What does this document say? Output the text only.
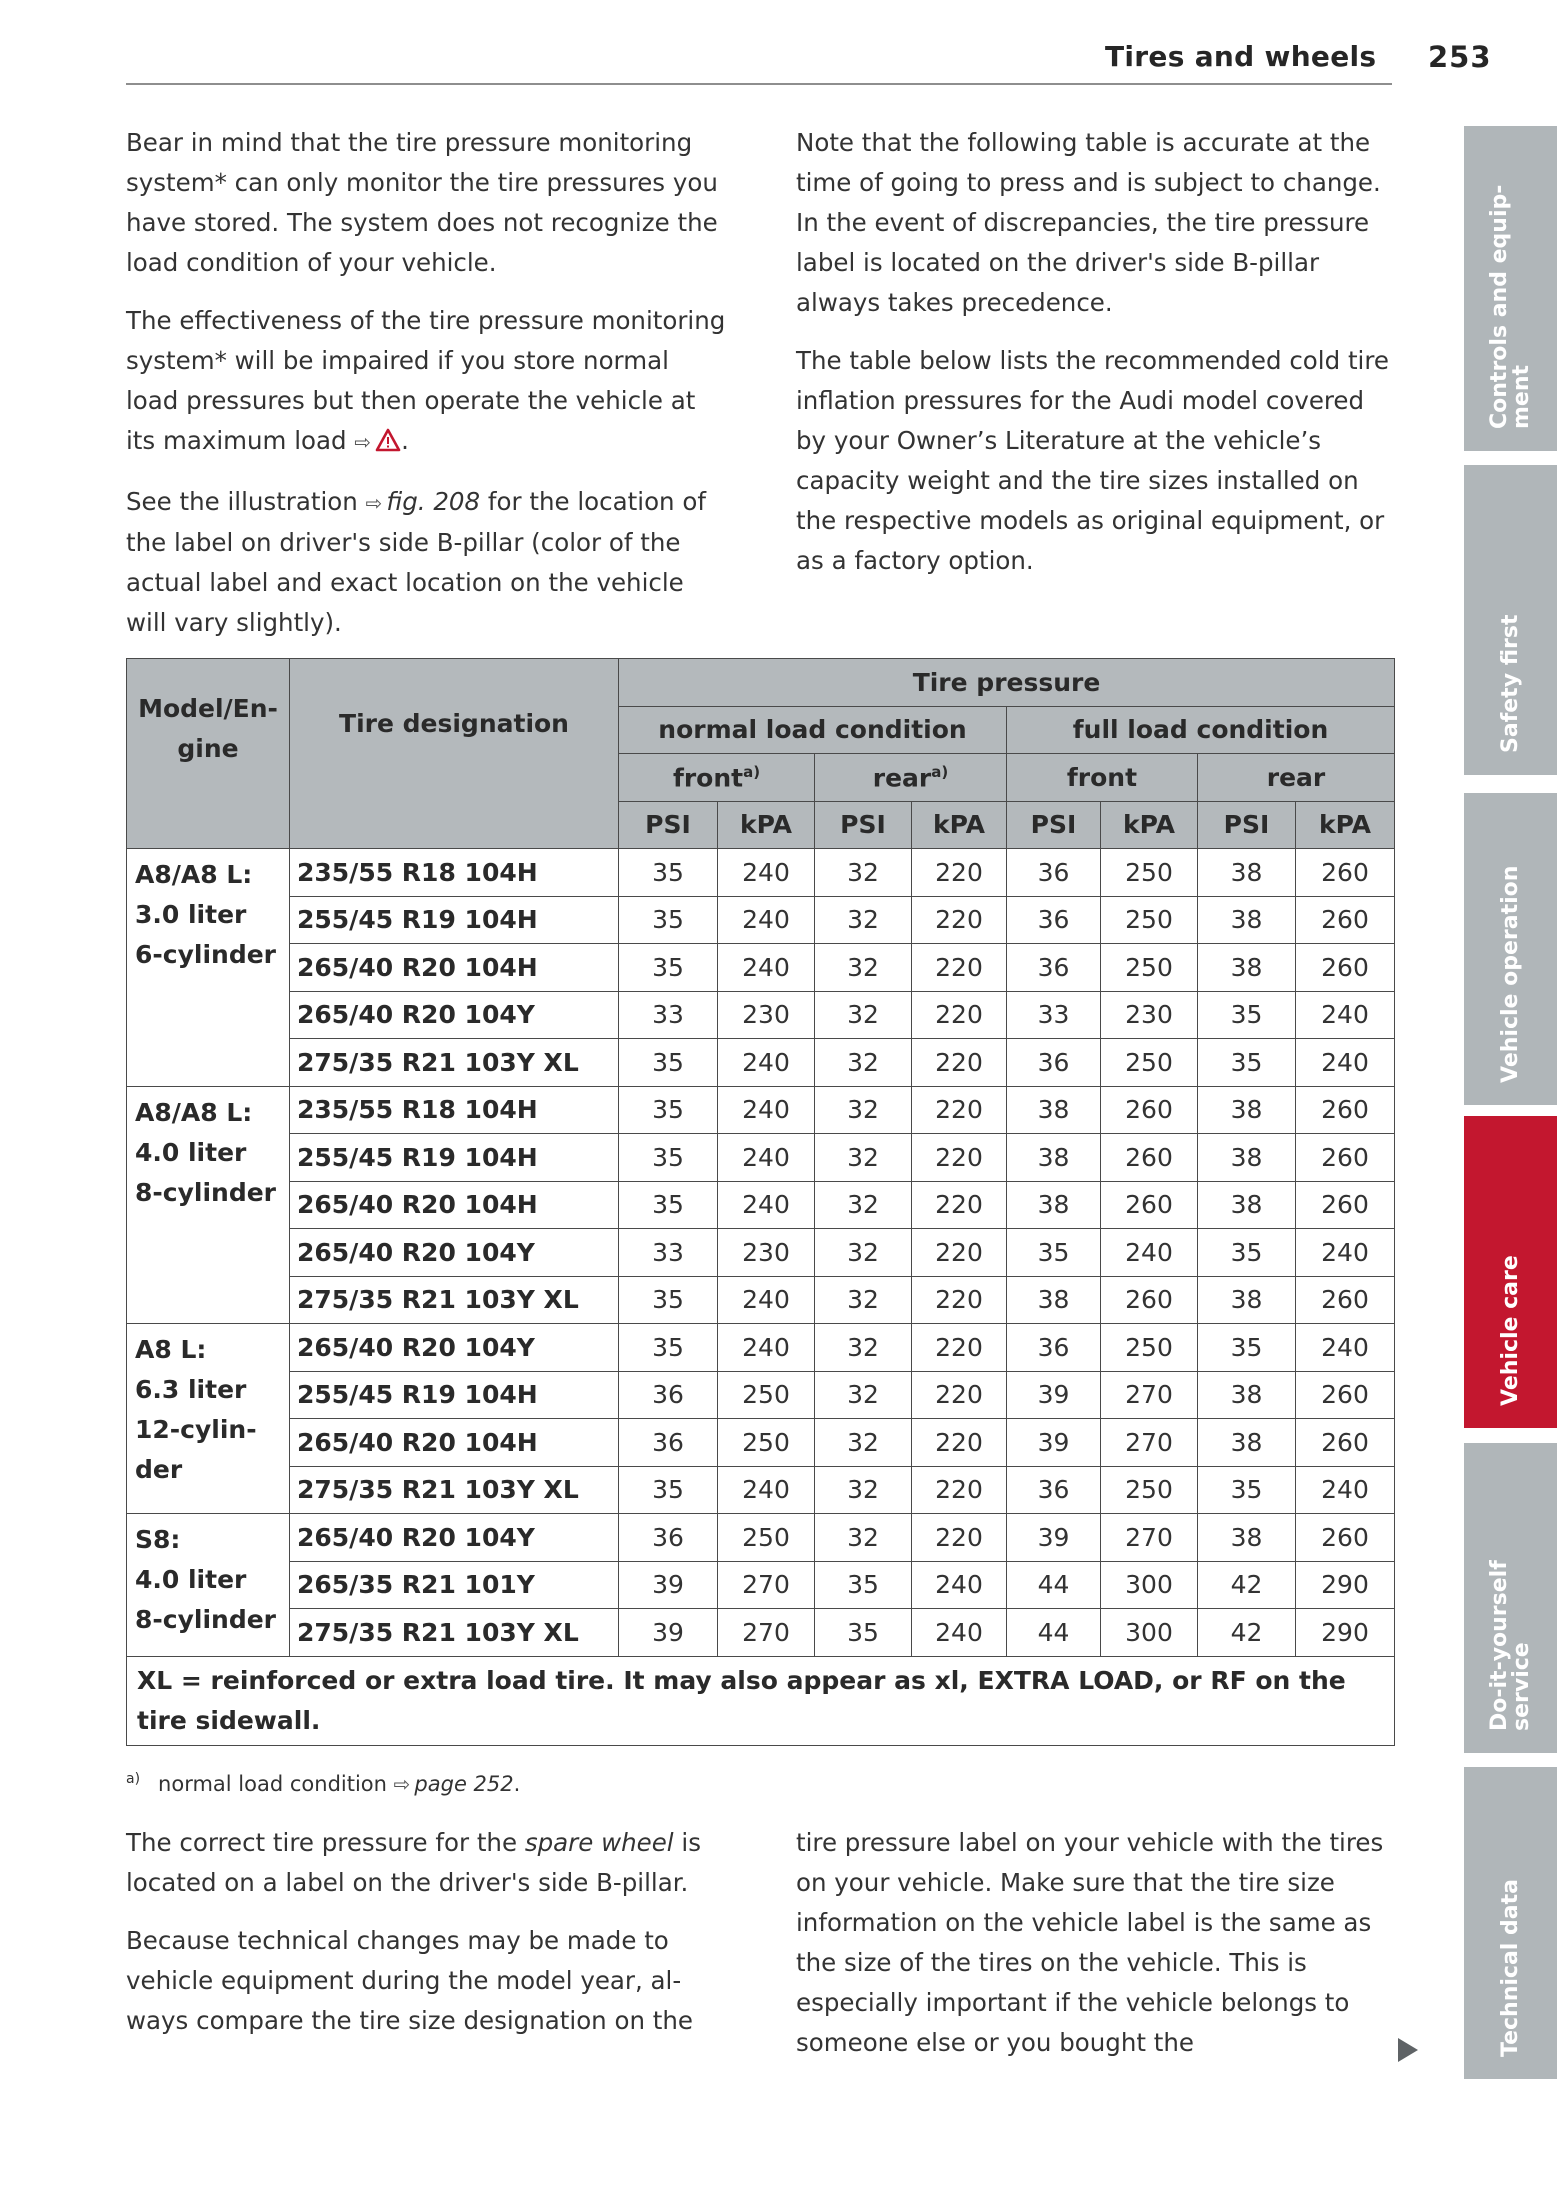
Tires and wheels 253

Bear in mind that the tire pressure monitoring system* can only monitor the tire pressures you have stored. The system does not recognize the load condition of your vehicle.

The effectiveness of the tire pressure monitoring system* will be impaired if you store normal load pressures but then operate the vehicle at its maximum load ⇨ .

See the illustration ⇨ fig. 208 for the location of the label on driver's side B-pillar (color of the actual label and exact location on the vehicle will vary slightly).

Note that the following table is accurate at the time of going to press and is subject to change. In the event of discrepancies, the tire pressure label is located on the driver's side B-pillar always takes precedence.

The table below lists the recommended cold tire inflation pressures for the Audi model covered by your Owner’s Literature at the vehicle’s capacity weight and the tire sizes installed on the respective models as original equipment, or as a factory option.

Model/En-gine	Tire designation	Tire pressure							
		normal load condition				full load condition			
		front$^{a)}$		rear$^{a)}$		front		rear	
		PSI	kPA	PSI	kPA	PSI	kPA	PSI	kPA

A8/A8 L:
3.0 liter
6-cylinder	235/55 R18 104H	35	240	32	220	36	250	38	260
	255/45 R19 104H	35	240	32	220	36	250	38	260
	265/40 R20 104H	35	240	32	220	36	250	38	260
	265/40 R20 104Y	33	230	32	220	33	230	35	240
	275/35 R21 103Y XL	35	240	32	220	36	250	35	240

A8/A8 L:
4.0 liter
8-cylinder	235/55 R18 104H	35	240	32	220	38	260	38	260
	255/45 R19 104H	35	240	32	220	38	260	38	260
	265/40 R20 104H	35	240	32	220	38	260	38	260
	265/40 R20 104Y	33	230	32	220	35	240	35	240
	275/35 R21 103Y XL	35	240	32	220	38	260	38	260

A8 L:
6.3 liter
12-cylin-
der	265/40 R20 104Y	35	240	32	220	36	250	35	240
	255/45 R19 104H	36	250	32	220	39	270	38	260
	265/40 R20 104H	36	250	32	220	39	270	38	260
	275/35 R21 103Y XL	35	240	32	220	36	250	35	240

S8:
4.0 liter
8-cylinder	265/40 R20 104Y	36	250	32	220	39	270	38	260
	265/35 R21 101Y	39	270	35	240	44	300	42	290
	275/35 R21 103Y XL	39	270	35	240	44	300	42	290
XL = reinforced or extra load tire. It may also appear as xl, EXTRA LOAD, or RF on the tire sidewall.									
$^{a)}$ normal load condition ⇨ page 252.

The correct tire pressure for the spare wheel is located on a label on the driver's side B-pillar.

Because technical changes may be made to vehicle equipment during the model year, always compare the tire size designation on the

tire pressure label on your vehicle with the tires on your vehicle. Make sure that the tire size information on the vehicle label is the same as the size of the tires on the vehicle. This is especially important if the vehicle belongs to someone else or you bought the

Controls and equip-
ment
Safety first
Vehicle operation
Vehicle care
Do-it-yourself
service
Technical data
